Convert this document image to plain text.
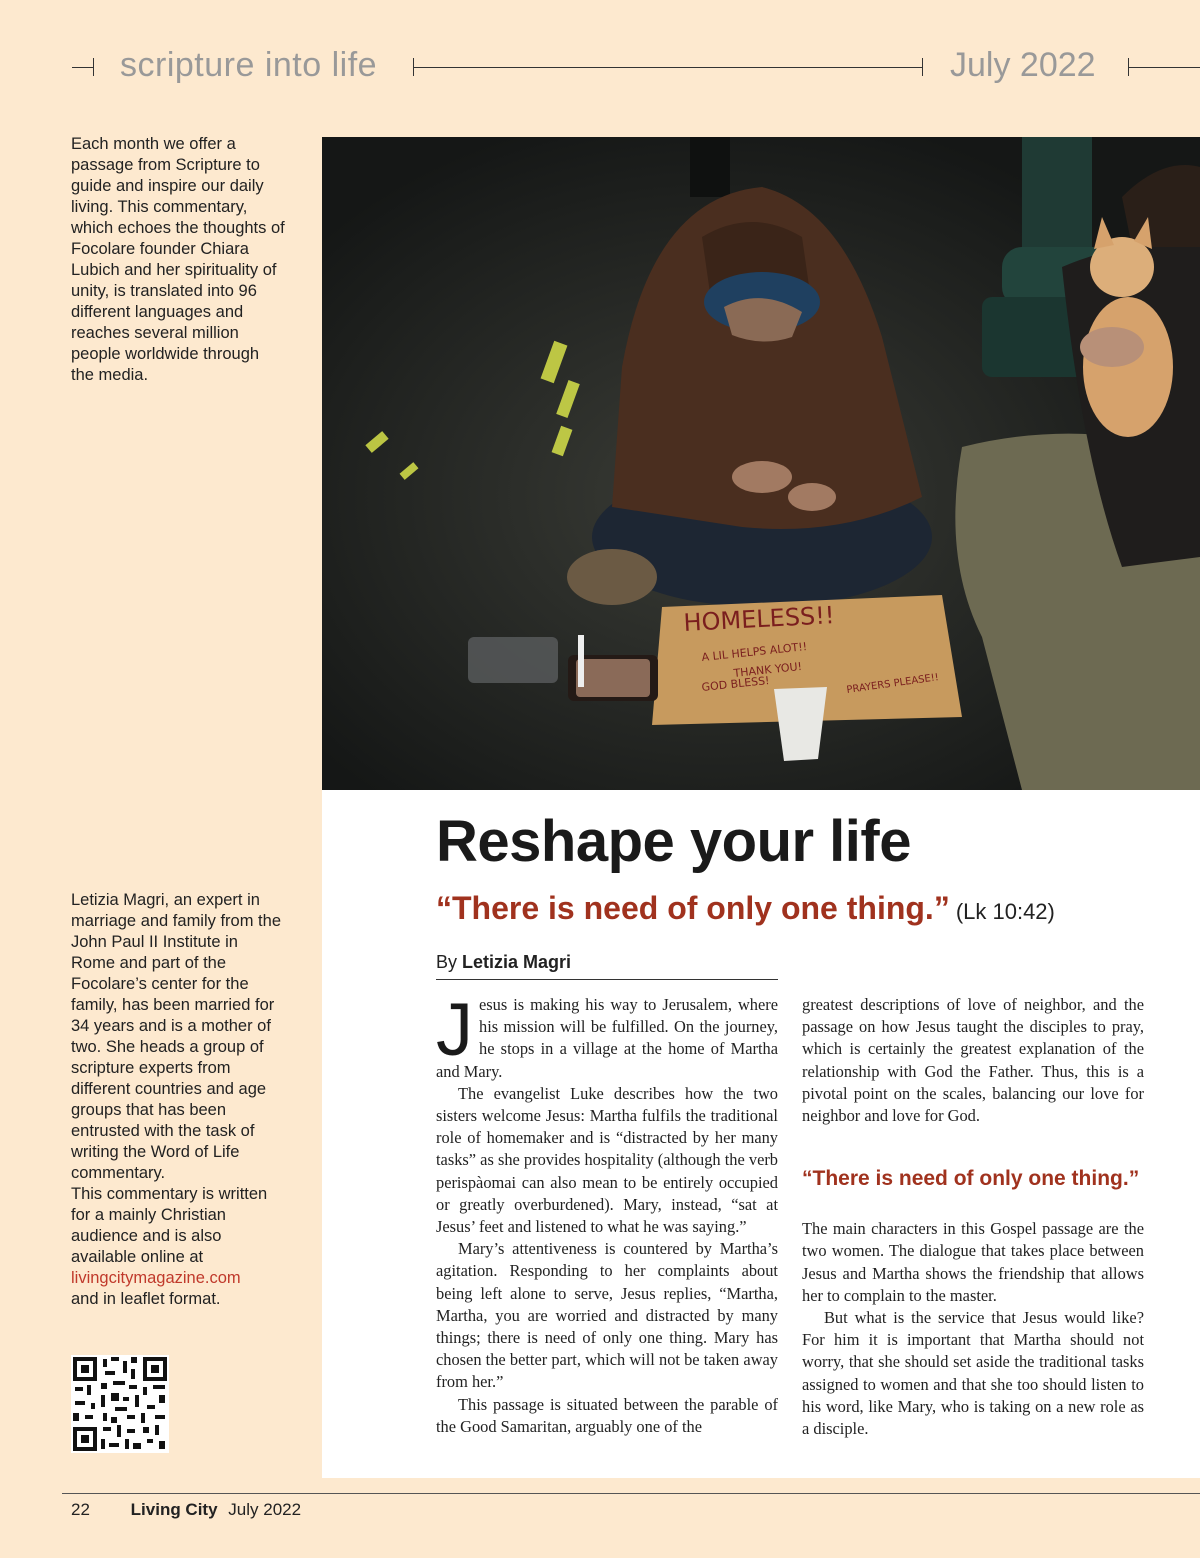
scripture into life	July 2022
Each month we offer a passage from Scripture to guide and inspire our daily living. This commentary, which echoes the thoughts of Focolare founder Chiara Lubich and her spirituality of unity, is translated into 96 different languages and reaches several million people worldwide through the media.
Letizia Magri, an expert in marriage and family from the John Paul II Institute in Rome and part of the Focolare’s center for the family, has been married for 34 years and is a mother of two. She heads a group of scripture experts from different countries and age groups that has been entrusted with the task of writing the Word of Life commentary.
This commentary is written for a mainly Christian audience and is also available online at
livingcitymagazine.com
and in leaflet format.
HOMELESS!!
A LIL HELPS ALOT!!
THANK YOU!
GOD BLESS!	PRAYERS PLEASE!!
Reshape your life
“There is need of only one thing.” (Lk 10:42)
By Letizia Magri

Jesus is making his way to Jerusalem, where his mission will be fulfilled. On the journey, he stops in a village at the home of Martha and Mary.

The evangelist Luke describes how the two sisters welcome Jesus: Martha fulfils the traditional role of homemaker and is “distracted by her many tasks” as she provides hospitality (although the verb perispàomai can also mean to be entirely occupied or greatly overburdened). Mary, instead, “sat at Jesus’ feet and listened to what he was saying.”

Mary’s attentiveness is countered by Martha’s agitation. Responding to her complaints about being left alone to serve, Jesus replies, “Martha, Martha, you are worried and distracted by many things; there is need of only one thing. Mary has chosen the better part, which will not be taken away from her.”

This passage is situated between the parable of the Good Samaritan, arguably one of the

greatest descriptions of love of neighbor, and the passage on how Jesus taught the disciples to pray, which is certainly the greatest explanation of the relationship with God the Father. Thus, this is a pivotal point on the scales, balancing our love for neighbor and love for God.

“There is need of only one thing.”

The main characters in this Gospel passage are the two women. The dialogue that takes place between Jesus and Martha shows the friendship that allows her to complain to the master.

But what is the service that Jesus would like? For him it is important that Martha should not worry, that she should set aside the traditional tasks assigned to women and that she too should listen to his word, like Mary, who is taking on a new role as a disciple.

22 Living City July 2022
